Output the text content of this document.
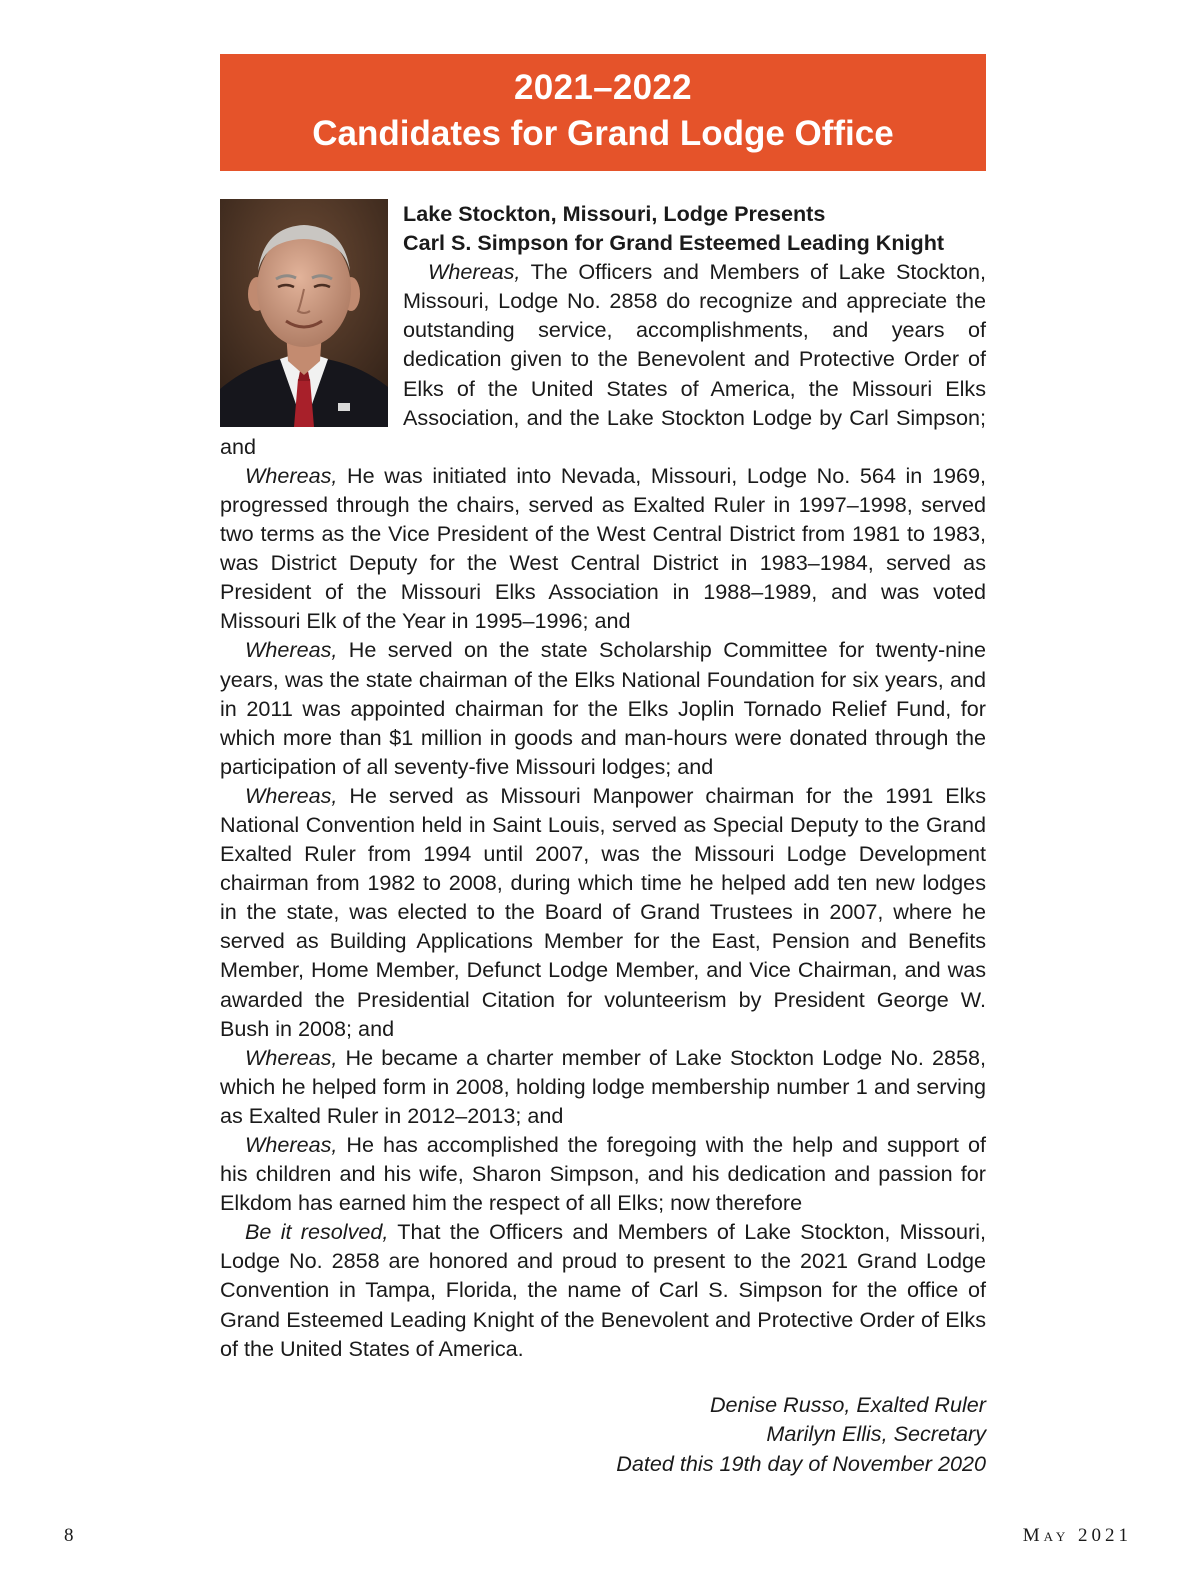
2021–2022
Candidates for Grand Lodge Office
Lake Stockton, Missouri, Lodge Presents
Carl S. Simpson for Grand Esteemed Leading Knight

Whereas, The Officers and Members of Lake Stockton, Missouri, Lodge No. 2858 do recognize and appreciate the outstanding service, accomplishments, and years of dedication given to the Benevolent and Protective Order of Elks of the United States of America, the Missouri Elks Association, and the Lake Stockton Lodge by Carl Simpson; and

Whereas, He was initiated into Nevada, Missouri, Lodge No. 564 in 1969, progressed through the chairs, served as Exalted Ruler in 1997–1998, served two terms as the Vice President of the West Central District from 1981 to 1983, was District Deputy for the West Central District in 1983–1984, served as President of the Missouri Elks Association in 1988–1989, and was voted Missouri Elk of the Year in 1995–1996; and

Whereas, He served on the state Scholarship Committee for twenty-nine years, was the state chairman of the Elks National Foundation for six years, and in 2011 was appointed chairman for the Elks Joplin Tornado Relief Fund, for which more than $1 million in goods and man-hours were donated through the participation of all seventy-five Missouri lodges; and

Whereas, He served as Missouri Manpower chairman for the 1991 Elks National Convention held in Saint Louis, served as Special Deputy to the Grand Exalted Ruler from 1994 until 2007, was the Missouri Lodge Development chairman from 1982 to 2008, during which time he helped add ten new lodges in the state, was elected to the Board of Grand Trustees in 2007, where he served as Building Applications Member for the East, Pension and Benefits Member, Home Member, Defunct Lodge Member, and Vice Chairman, and was awarded the Presidential Citation for volunteerism by President George W. Bush in 2008; and

Whereas, He became a charter member of Lake Stockton Lodge No. 2858, which he helped form in 2008, holding lodge membership number 1 and serving as Exalted Ruler in 2012–2013; and

Whereas, He has accomplished the foregoing with the help and support of his children and his wife, Sharon Simpson, and his dedication and passion for Elkdom has earned him the respect of all Elks; now therefore

Be it resolved, That the Officers and Members of Lake Stockton, Missouri, Lodge No. 2858 are honored and proud to present to the 2021 Grand Lodge Convention in Tampa, Florida, the name of Carl S. Simpson for the office of Grand Esteemed Leading Knight of the Benevolent and Protective Order of Elks of the United States of America.

Denise Russo, Exalted Ruler
Marilyn Ellis, Secretary
Dated this 19th day of November 2020
8	May 2021
